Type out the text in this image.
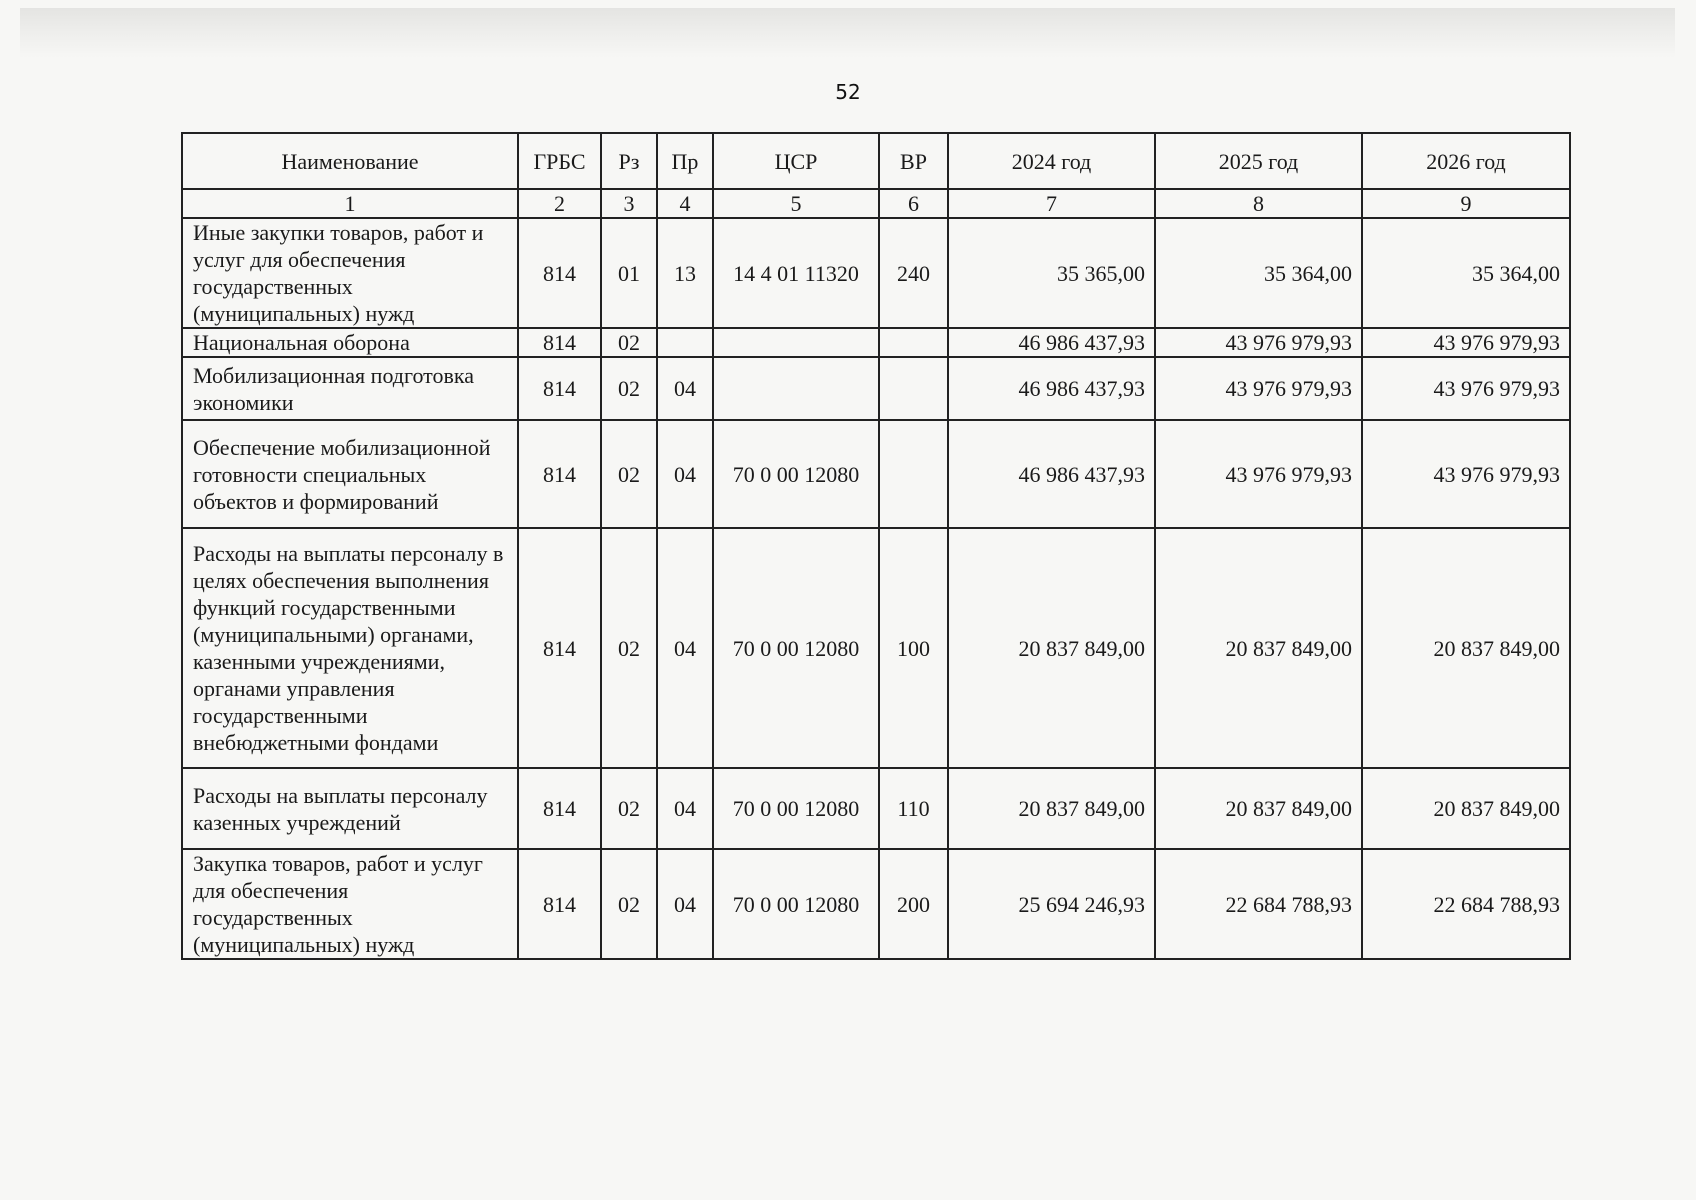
52
Наименование	ГРБС	Рз	Пр	ЦСР	ВР	2024 год	2025 год	2026 год
1	2	3	4	5	6	7	8	9
Иные закупки товаров, работ и услуг для обеспечения государственных (муниципальных) нужд	814	01	13	14 4 01 11320	240	35 365,00	35 364,00	35 364,00
Национальная оборона	814	02				46 986 437,93	43 976 979,93	43 976 979,93
Мобилизационная подготовка экономики	814	02	04			46 986 437,93	43 976 979,93	43 976 979,93
Обеспечение мобилизационной готовности специальных объектов и формирований	814	02	04	70 0 00 12080		46 986 437,93	43 976 979,93	43 976 979,93
Расходы на выплаты персоналу в целях обеспечения выполнения функций государственными (муниципальными) органами, казенными учреждениями, органами управления государственными внебюджетными фондами	814	02	04	70 0 00 12080	100	20 837 849,00	20 837 849,00	20 837 849,00
Расходы на выплаты персоналу казенных учреждений	814	02	04	70 0 00 12080	110	20 837 849,00	20 837 849,00	20 837 849,00
Закупка товаров, работ и услуг для обеспечения государственных (муниципальных) нужд	814	02	04	70 0 00 12080	200	25 694 246,93	22 684 788,93	22 684 788,93
